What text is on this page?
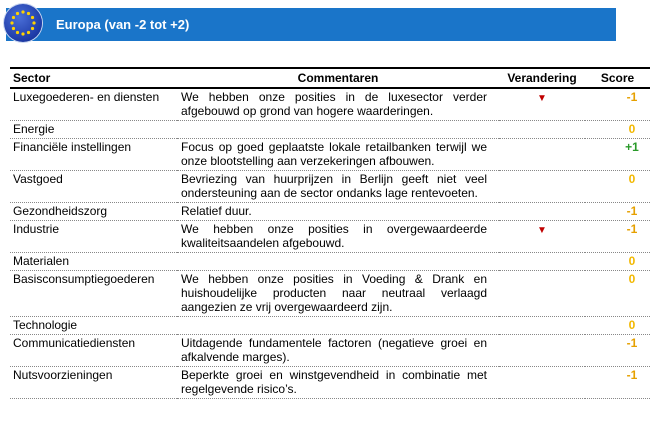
Europa (van -2 tot +2)
Sector	Commentaren	Verandering	Score
Luxegoederen- en diensten	We hebben onze posities in de luxesector verder afgebouwd op grond van hogere waarderingen.	▼	-1
Energie			0
Financiële instellingen	Focus op goed geplaatste lokale retailbanken terwijl we onze blootstelling aan verzekeringen afbouwen.		+1
Vastgoed	Bevriezing van huurprijzen in Berlijn geeft niet veel ondersteuning aan de sector ondanks lage rentevoeten.		0
Gezondheidszorg	Relatief duur.		-1
Industrie	We hebben onze posities in overgewaardeerde kwaliteitsaandelen afgebouwd.	▼	-1
Materialen			0
Basisconsumptiegoederen	We hebben onze posities in Voeding & Drank en huishoudelijke producten naar neutraal verlaagd aangezien ze vrij overgewaardeerd zijn.		0
Technologie			0
Communicatiediensten	Uitdagende fundamentele factoren (negatieve groei en afkalvende marges).		-1
Nutsvoorzieningen	Beperkte groei en winstgevendheid in combinatie met regelgevende risico’s.		-1
